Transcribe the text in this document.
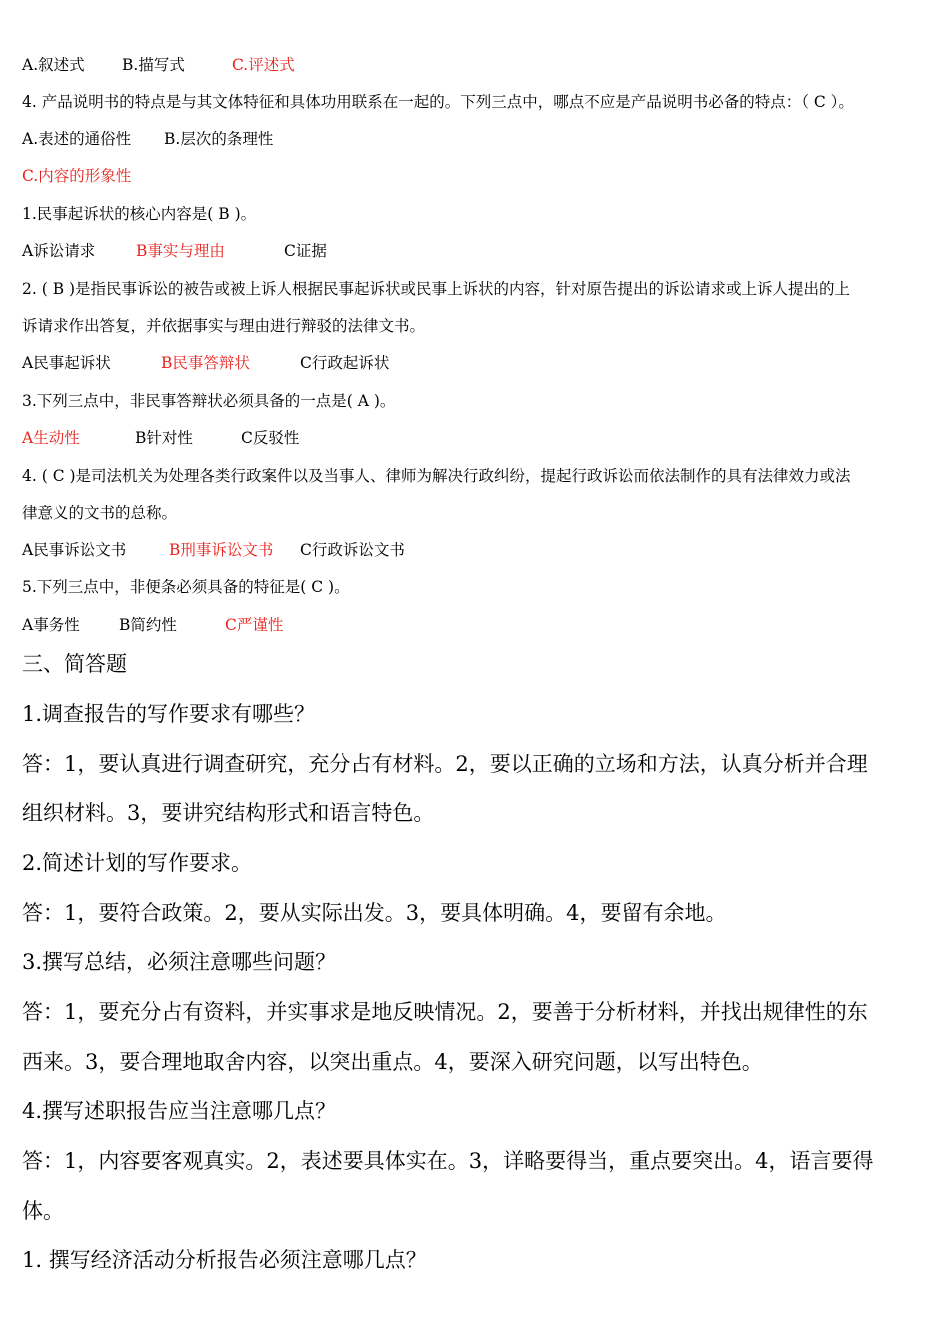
A.叙述式 B.描写式	C.评述式
4. 产品说明书的特点是与其文体特征和具体功用联系在一起的。下列三点中，哪点不应是产品说明书必备的特点：（ C ）。
A.表述的通俗性 B.层次的条理性
C.内容的形象性
1.民事起诉状的核心内容是( B )。
A诉讼请求	B事实与理由	C证据
2. ( B )是指民事诉讼的被告或被上诉人根据民事起诉状或民事上诉状的内容，针对原告提出的诉讼请求或上诉人提出的上
诉请求作出答复，并依据事实与理由进行辩驳的法律文书。
A民事起诉状	B民事答辩状	C行政起诉状
3.下列三点中，非民事答辩状必须具备的一点是( A )。
A生动性	B针对性	C反驳性
4. ( C )是司法机关为处理各类行政案件以及当事人、律师为解决行政纠纷，提起行政诉讼而依法制作的具有法律效力或法
律意义的文书的总称。
A民事诉讼文书	B刑事诉讼文书 C行政诉讼文书
5.下列三点中，非便条必须具备的特征是( C )。
A事务性	B简约性	C严谨性
三、简答题
1.调查报告的写作要求有哪些？
答：1，要认真进行调查研究，充分占有材料。2，要以正确的立场和方法，认真分析并合理
组织材料。3，要讲究结构形式和语言特色。
2.简述计划的写作要求。
答：1，要符合政策。2，要从实际出发。3，要具体明确。4，要留有余地。
3.撰写总结，必须注意哪些问题？
答：1，要充分占有资料，并实事求是地反映情况。2，要善于分析材料，并找出规律性的东
西来。3，要合理地取舍内容，以突出重点。4，要深入研究问题，以写出特色。
4.撰写述职报告应当注意哪几点？
答：1，内容要客观真实。2，表述要具体实在。3，详略要得当，重点要突出。4，语言要得
体。
1. 撰写经济活动分析报告必须注意哪几点？
